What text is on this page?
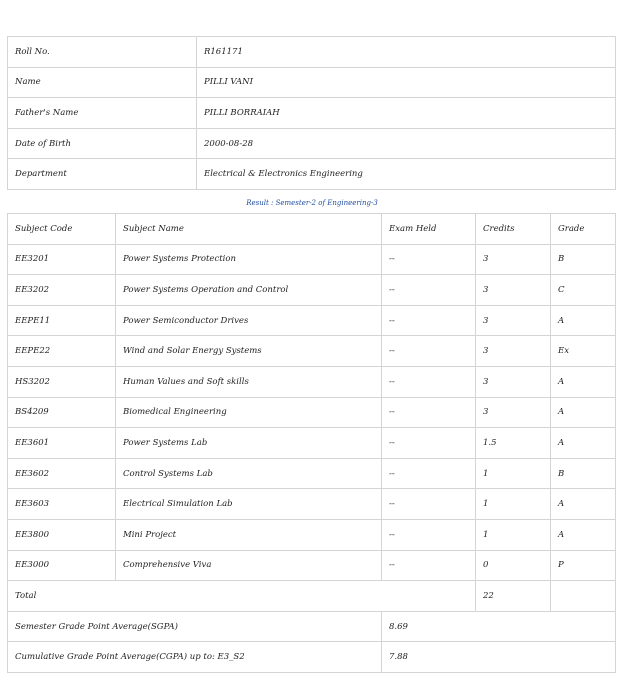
Roll No.	R161171
Name	PILLI VANI
Father's Name	PILLI BORRAIAH
Date of Birth	2000-08-28
Department	Electrical & Electronics Engineering
Result : Semester-2 of Engineering-3
Subject Code	Subject Name	Exam Held	Credits	Grade
EE3201	Power Systems Protection	--	3	B
EE3202	Power Systems Operation and Control	--	3	C
EEPE11	Power Semiconductor Drives	--	3	A
EEPE22	Wind and Solar Energy Systems	--	3	Ex
HS3202	Human Values and Soft skills	--	3	A
BS4209	Biomedical Engineering	--	3	A
EE3601	Power Systems Lab	--	1.5	A
EE3602	Control Systems Lab	--	1	B
EE3603	Electrical Simulation Lab	--	1	A
EE3800	Mini Project	--	1	A
EE3000	Comprehensive Viva	--	0	P
Total			22	
Semester Grade Point Average(SGPA)		8.69		
Cumulative Grade Point Average(CGPA) up to: E3_S2		7.88		
